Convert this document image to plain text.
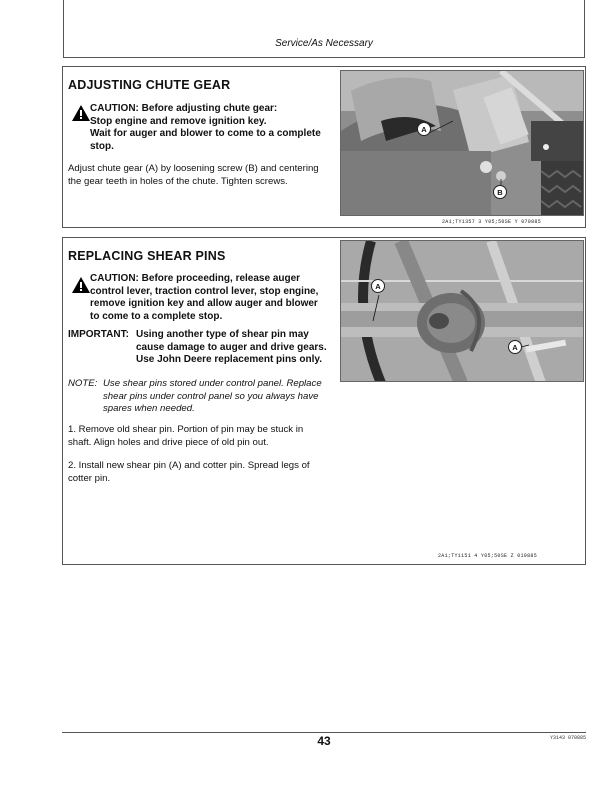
Service/As Necessary
ADJUSTING CHUTE GEAR
CAUTION: Before adjusting chute gear:
Stop engine and remove ignition key.
Wait for auger and blower to come to a complete
stop.
Adjust chute gear (A) by loosening screw (B) and centering
the gear teeth in holes of the chute. Tighten screws.
A
B
2A1;TY1357 3 Y05;50SE Y 070885
REPLACING SHEAR PINS
CAUTION: Before proceeding, release auger
control lever, traction control lever, stop engine,
remove ignition key and allow auger and blower
to come to a complete stop.
IMPORTANT: Using another type of shear pin may
cause damage to auger and drive gears.
Use John Deere replacement pins only.
NOTE: Use shear pins stored under control panel. Replace
shear pins under control panel so you always have
spares when needed.
1. Remove old shear pin. Portion of pin may be stuck in
shaft. Align holes and drive piece of old pin out.
2. Install new shear pin (A) and cotter pin. Spread legs of
cotter pin.
A
A
2A1;TY1151 4 Y05;50SE Z 010885
43	Y3143 070885
